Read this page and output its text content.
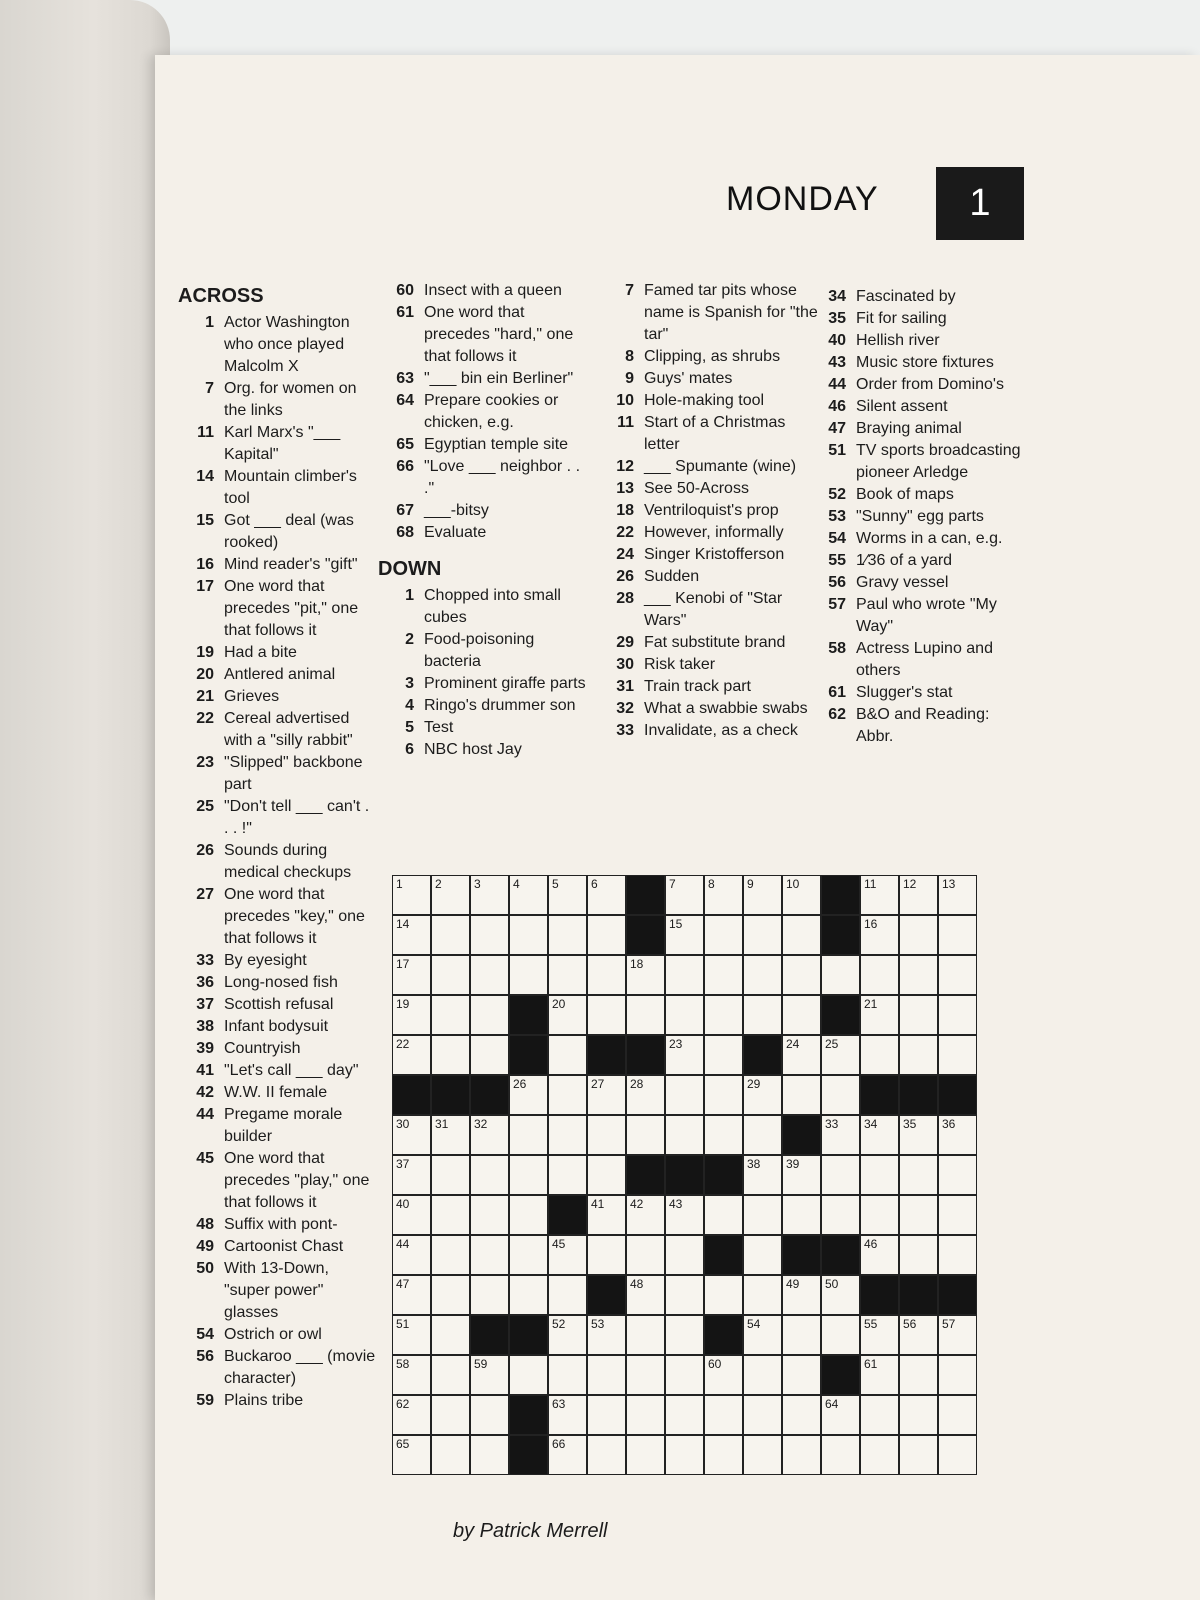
MONDAY 1
ACROSS
1 Actor Washington who once played Malcolm X
7 Org. for women on the links
11 Karl Marx's "___ Kapital"
14 Mountain climber's tool
15 Got ___ deal (was rooked)
16 Mind reader's "gift"
17 One word that precedes "pit," one that follows it
19 Had a bite
20 Antlered animal
21 Grieves
22 Cereal advertised with a "silly rabbit"
23 "Slipped" backbone part
25 "Don't tell ___ can't . . . !"
26 Sounds during medical checkups
27 One word that precedes "key," one that follows it
33 By eyesight
36 Long-nosed fish
37 Scottish refusal
38 Infant bodysuit
39 Countryish
41 "Let's call ___ day"
42 W.W. II female
44 Pregame morale builder
45 One word that precedes "play," one that follows it
48 Suffix with pont-
49 Cartoonist Chast
50 With 13-Down, "super power" glasses
54 Ostrich or owl
56 Buckaroo ___ (movie character)
59 Plains tribe
60 Insect with a queen
61 One word that precedes "hard," one that follows it
63 "___ bin ein Berliner"
64 Prepare cookies or chicken, e.g.
65 Egyptian temple site
66 "Love ___ neighbor . . ."
67 ___-bitsy
68 Evaluate
DOWN
1 Chopped into small cubes
2 Food-poisoning bacteria
3 Prominent giraffe parts
4 Ringo's drummer son
5 Test
6 NBC host Jay
7 Famed tar pits whose name is Spanish for "the tar"
8 Clipping, as shrubs
9 Guys' mates
10 Hole-making tool
11 Start of a Christmas letter
12 ___ Spumante (wine)
13 See 50-Across
18 Ventriloquist's prop
22 However, informally
24 Singer Kristofferson
26 Sudden
28 ___ Kenobi of "Star Wars"
29 Fat substitute brand
30 Risk taker
31 Train track part
32 What a swabbie swabs
33 Invalidate, as a check
34 Fascinated by
35 Fit for sailing
40 Hellish river
43 Music store fixtures
44 Order from Domino's
46 Silent assent
47 Braying animal
51 TV sports broadcasting pioneer Arledge
52 Book of maps
53 "Sunny" egg parts
54 Worms in a can, e.g.
55 1⁄36 of a yard
56 Gravy vessel
57 Paul who wrote "My Way"
58 Actress Lupino and others
61 Slugger's stat
62 B&O and Reading: Abbr.
1	2	3	4	5	6	7	8	9	10	11 12 13
14	15	16
17	18
19	20	21
22	23	24 25
26	27 28	29
30 31 32	33 34 35 36
37	38 39
40	41 42 43
44	45	46
47	48	49 50
51	52 53	54	55 56 57
58	59	60	61
62	63	64
65	66
by Patrick Merrell
